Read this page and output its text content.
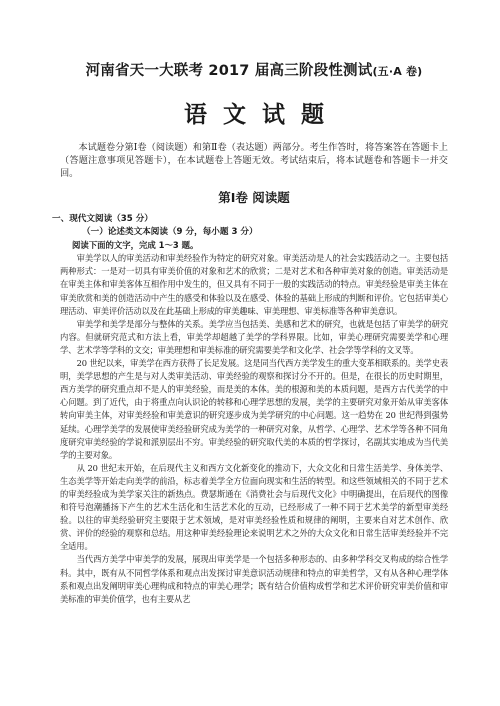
河南省天一大联考 2017 届高三阶段性测试(五·A 卷)
语文试题

本试题卷分第Ⅰ卷（阅读题）和第Ⅱ卷（表达题）两部分。考生作答时，将答案答在答题卡上（答题注意事项见答题卡），在本试题卷上答题无效。考试结束后，将本试题卷和答题卡一并交回。

第Ⅰ卷 阅读题

一、现代文阅读（35 分）

（一）论述类文本阅读（9 分，每小题 3 分）

阅读下面的文字，完成 1～3 题。

审美学以人的审美活动和审美经验作为特定的研究对象。审美活动是人的社会实践活动之一。主要包括两种形式：一是对一切具有审美价值的对象和艺术的欣赏；二是对艺术和各种审美对象的创造。审美活动是在审美主体和审美客体互相作用中发生的，但又具有不同于一般的实践活动的特点。审美经验是审美主体在审美欣赏和美的创造活动中产生的感受和体验以及在感受、体验的基础上形成的判断和评价。它包括审美心理活动、审美评价活动以及在此基础上形成的审美趣味、审美理想、审美标准等各种审美意识。

审美学和美学是部分与整体的关系。美学应当包括美、美感和艺术的研究，也就是包括了审美学的研究内容。但就研究范式和方法上看，审美学却超越了美学的学科界限。比如，审美心理研究需要美学和心理学、艺术学等学科的文交；审美理想和审美标准的研究需要美学和文化学、社会学等学科的文叉等。

20 世纪以来，审美学在西方获得了长足发展。这是同当代西方美学发生的重大变革相联系的。美学史表明，美学思想的产生是与对人类审美活动、审美经验的观察和探讨分不开的。但是，在很长的历史时期里，西方美学的研究重点却不是人的审美经验，而是美的本体。美的根源和美的本质问题，是西方古代美学的中心问题。到了近代，由于将重点向认识论的转移和心理学思想的发展，美学的主要研究对象开始从审美客体转向审美主体，对审美经验和审美意识的研究逐步成为美学研究的中心问题。这一趋势在 20 世纪得到强势延续。心理学美学的发展使审美经验研究成为美学的一种研究对象，从哲学、心理学、艺术学等各种不同角度研究审美经验的学说和派别层出不穷。审美经验的研究取代美的本质的哲学探讨，名副其实地成为当代美学的主要对象。

从 20 世纪末开始，在后现代主义和西方文化新变化的推动下，大众文化和日常生活美学、身体美学、生态美学等开始走向美学的前沿，标志着美学全方位面向现实和生活的转型。和这些领域相关的不同于艺术的审美经验成为美学家关注的新热点。费瑟斯通在《消费社会与后现代文化》中明确提出，在后现代的图像和符号泡潮播扬下产生的艺术生活化和生活艺术化的互动，已经形成了一种不同于艺术美学的新型审美经验。以往的审美经验研究主要限于艺术领域，是对审美经验性质和规律的阐明，主要来自对艺术创作、欣赏、评价的经验的观察和总结。用这种审美经验理论来说明艺术之外的大众文化和日常生活审美经验并不完全适用。

当代西方美学中审美学的发展，展现出审美学是一个包括多种形态的、由多种学科交叉构成的综合性学科。其中，既有从不同哲学体系和观点出发探讨审美意识活动规律和特点的审美哲学，又有从各种心理学体系和观点出发阐明审美心理构成和特点的审美心理学；既有结合价值构成哲学和艺术评价研究审美价值和审美标准的审美价值学，也有主要从艺
